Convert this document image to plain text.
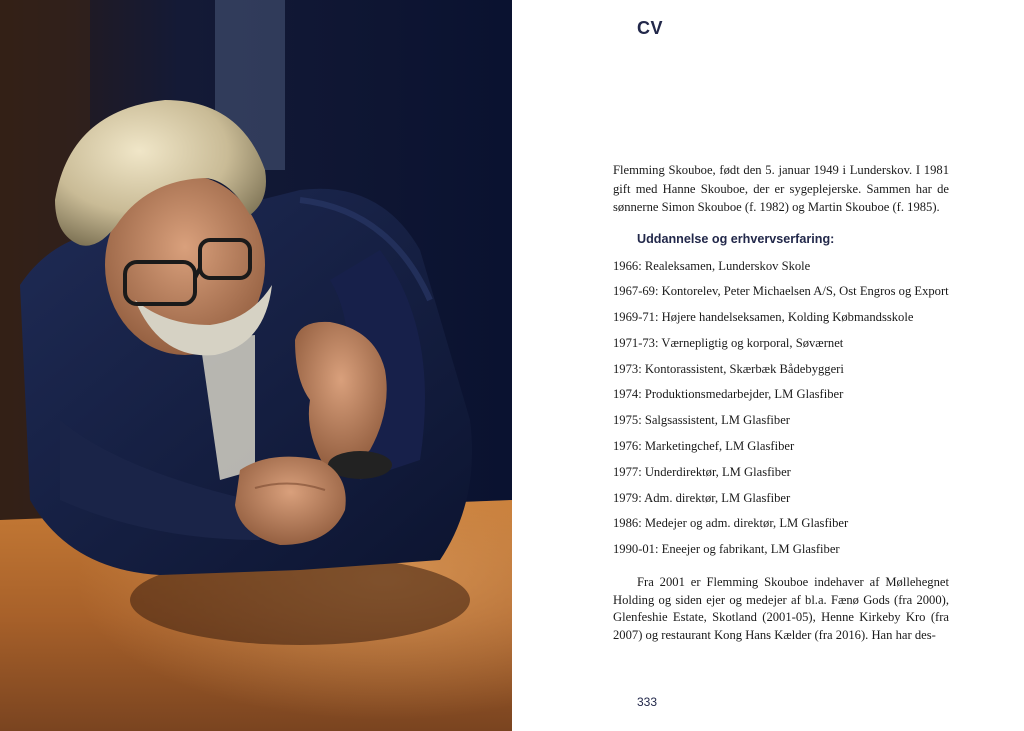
CV

Flemming Skouboe, født den 5. januar 1949 i Lunderskov. I 1981 gift med Hanne Skouboe, der er sygeplejerske. Sammen har de sønnerne Simon Skouboe (f. 1982) og Martin Skouboe (f. 1985).

Uddannelse og erhvervserfaring:
1966: Realeksamen, Lunderskov Skole
1967-69: Kontorelev, Peter Michaelsen A/S, Ost Engros og Export
1969-71: Højere handelseksamen, Kolding Købmandsskole
1971-73: Værnepligtig og korporal, Søværnet
1973: Kontorassistent, Skærbæk Bådebyggeri
1974: Produktionsmedarbejder, LM Glasfiber
1975: Salgsassistent, LM Glasfiber
1976: Marketingchef, LM Glasfiber
1977: Underdirektør, LM Glasfiber
1979: Adm. direktør, LM Glasfiber
1986: Medejer og adm. direktør, LM Glasfiber
1990-01: Eneejer og fabrikant, LM Glasfiber

Fra 2001 er Flemming Skouboe indehaver af Møllehegnet Holding og siden ejer og medejer af bl.a. Fænø Gods (fra 2000), Glenfeshie Estate, Skotland (2001-05), Henne Kirkeby Kro (fra 2007) og restaurant Kong Hans Kælder (fra 2016). Han har des-

333
